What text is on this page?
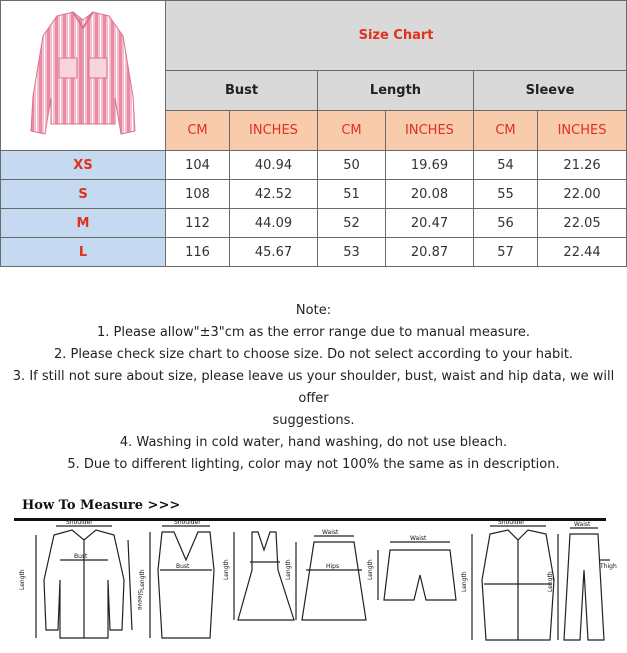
	Size Chart					
	Bust		Length		Sleeve	
	CM	INCHES	CM	INCHES	CM	INCHES
XS	104	40.94	50	19.69	54	21.26
S	108	42.52	51	20.08	55	22.00
M	112	44.09	52	20.47	56	22.05
L	116	45.67	53	20.87	57	22.44
Note:
1. Please allow"±3"cm as the error range due to manual measure.
2. Please check size chart to choose size. Do not select according to your habit.
3. If still not sure about size, please leave us your shoulder, bust, waist and hip data, we will offer
suggestions.
4. Washing in cold water, hand washing, do not use bleach.
5. Due to different lighting, color may not 100% the same as in description.
How To Measure >>>
Shoulder
Bust
Shoulder
Bust
Waist
Hips
Waist
Shoulder	Waist
Thigh
Length
Sleeve
Length	Length	Length	Length
Length	Length
